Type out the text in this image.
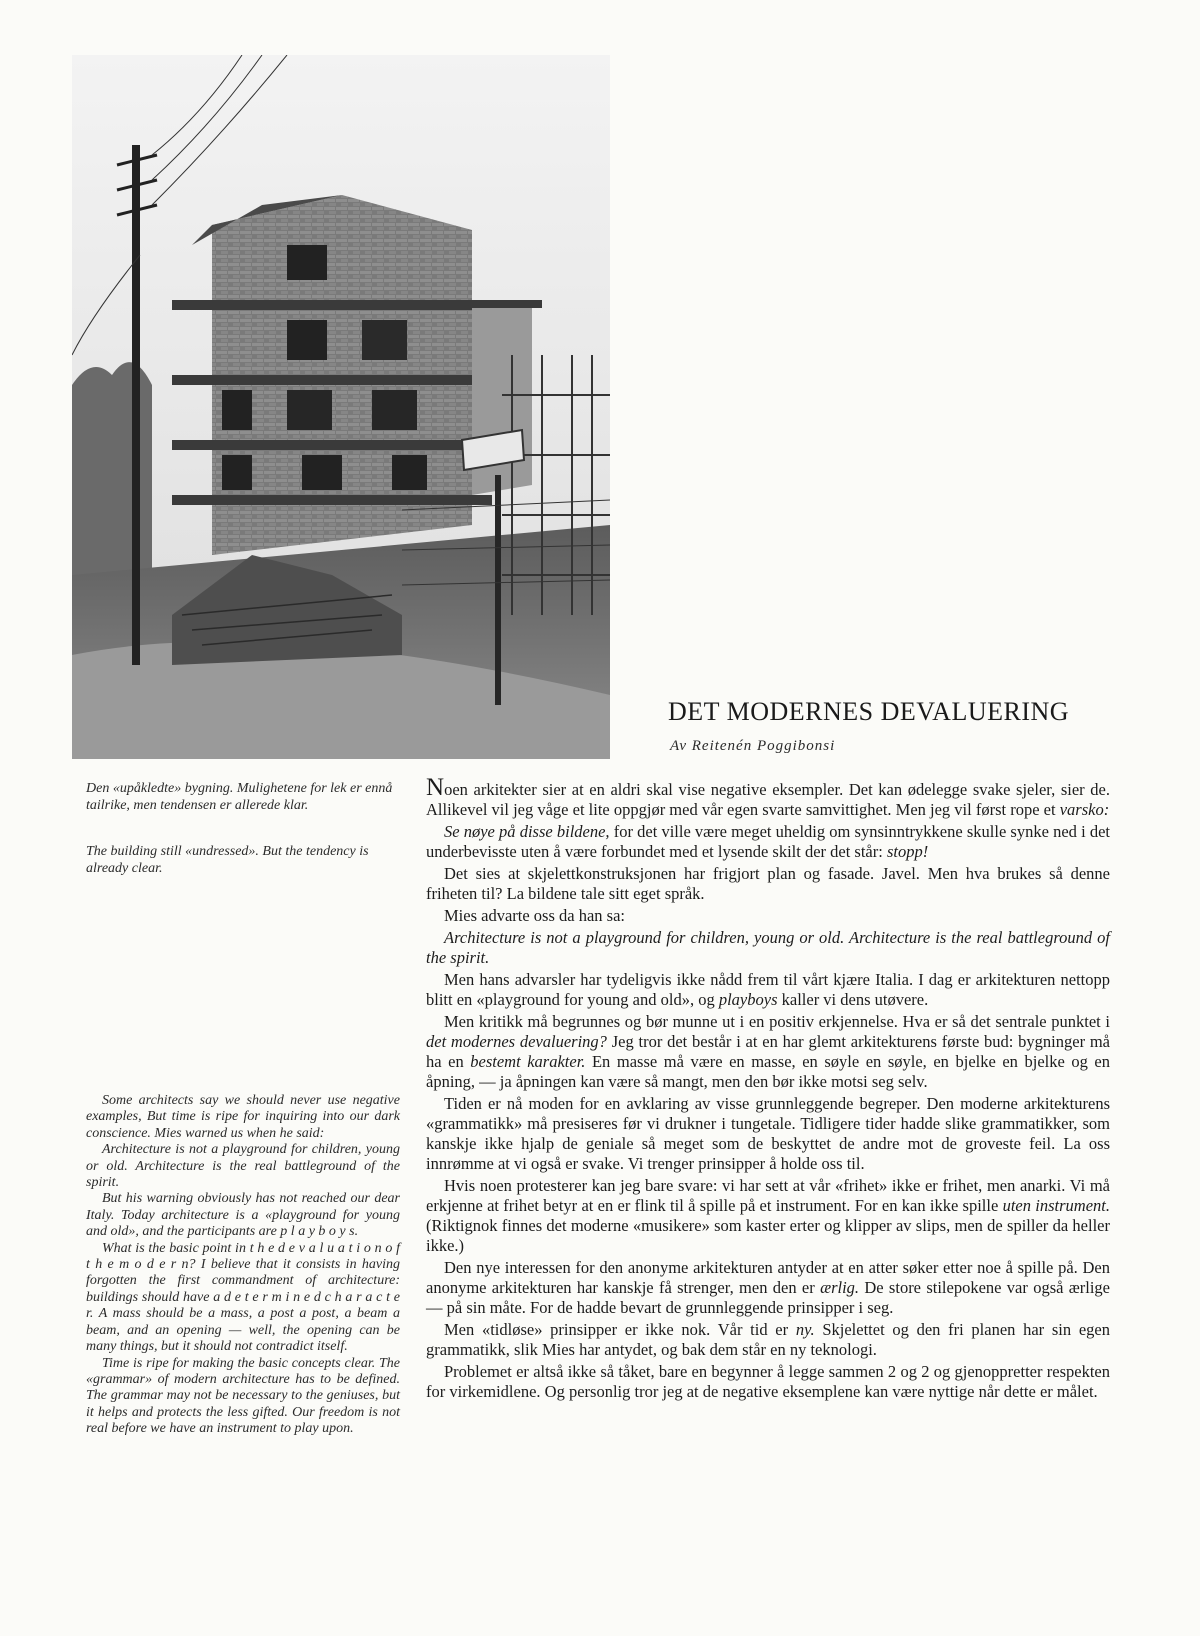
Den «upåkledte» bygning. Mulighetene for lek er ennå tailrike, men tendensen er allerede klar.

The building still «undressed». But the tendency is already clear.

Some architects say we should never use negative examples, But time is ripe for inquiring into our dark conscience. Mies warned us when he said:

Architecture is not a playground for children, young or old. Architecture is the real battleground of the spirit.

But his warning obviously has not reached our dear Italy. Today architecture is a «playground for young and old», and the participants are p l a y b o y s.

What is the basic point in t h e d e v a l u a t i o n o f t h e m o d e r n? I believe that it consists in having forgotten the first commandment of architecture: buildings should have a d e t e r m i n e d c h a r a c t e r. A mass should be a mass, a post a post, a beam a beam, and an opening — well, the opening can be many things, but it should not contradict itself.

Time is ripe for making the basic concepts clear. The «grammar» of modern architecture has to be defined. The grammar may not be necessary to the geniuses, but it helps and protects the less gifted. Our freedom is not real before we have an instrument to play upon.

DET MODERNES DEVALUERING
Av Reitenén Poggibonsi

Noen arkitekter sier at en aldri skal vise negative eksempler. Det kan ødelegge svake sjeler, sier de. Allikevel vil jeg våge et lite oppgjør med vår egen svarte samvittighet. Men jeg vil først rope et varsko:

Se nøye på disse bildene, for det ville være meget uheldig om synsinntrykkene skulle synke ned i det underbevisste uten å være forbundet med et lysende skilt der det står: stopp!

Det sies at skjelettkonstruksjonen har frigjort plan og fasade. Javel. Men hva brukes så denne friheten til? La bildene tale sitt eget språk.

Mies advarte oss da han sa:

Architecture is not a playground for children, young or old. Architecture is the real battleground of the spirit.

Men hans advarsler har tydeligvis ikke nådd frem til vårt kjære Italia. I dag er arkitekturen nettopp blitt en «playground for young and old», og playboys kaller vi dens utøvere.

Men kritikk må begrunnes og bør munne ut i en positiv erkjennelse. Hva er så det sentrale punktet i det modernes devaluering? Jeg tror det består i at en har glemt arkitekturens første bud: bygninger må ha en bestemt karakter. En masse må være en masse, en søyle en søyle, en bjelke en bjelke og en åpning, — ja åpningen kan være så mangt, men den bør ikke motsi seg selv.

Tiden er nå moden for en avklaring av visse grunnleggende begreper. Den moderne arkitekturens «grammatikk» må presiseres før vi drukner i tungetale. Tidligere tider hadde slike grammatikker, som kanskje ikke hjalp de geniale så meget som de beskyttet de andre mot de groveste feil. La oss innrømme at vi også er svake. Vi trenger prinsipper å holde oss til.

Hvis noen protesterer kan jeg bare svare: vi har sett at vår «frihet» ikke er frihet, men anarki. Vi må erkjenne at frihet betyr at en er flink til å spille på et instrument. For en kan ikke spille uten instrument. (Riktignok finnes det moderne «musikere» som kaster erter og klipper av slips, men de spiller da heller ikke.)

Den nye interessen for den anonyme arkitekturen antyder at en atter søker etter noe å spille på. Den anonyme arkitekturen har kanskje få strenger, men den er ærlig. De store stilepokene var også ærlige — på sin måte. For de hadde bevart de grunnleggende prinsipper i seg.

Men «tidløse» prinsipper er ikke nok. Vår tid er ny. Skjelettet og den fri planen har sin egen grammatikk, slik Mies har antydet, og bak dem står en ny teknologi.

Problemet er altså ikke så tåket, bare en begynner å legge sammen 2 og 2 og gjenoppretter respekten for virkemidlene. Og personlig tror jeg at de negative eksemplene kan være nyttige når dette er målet.
